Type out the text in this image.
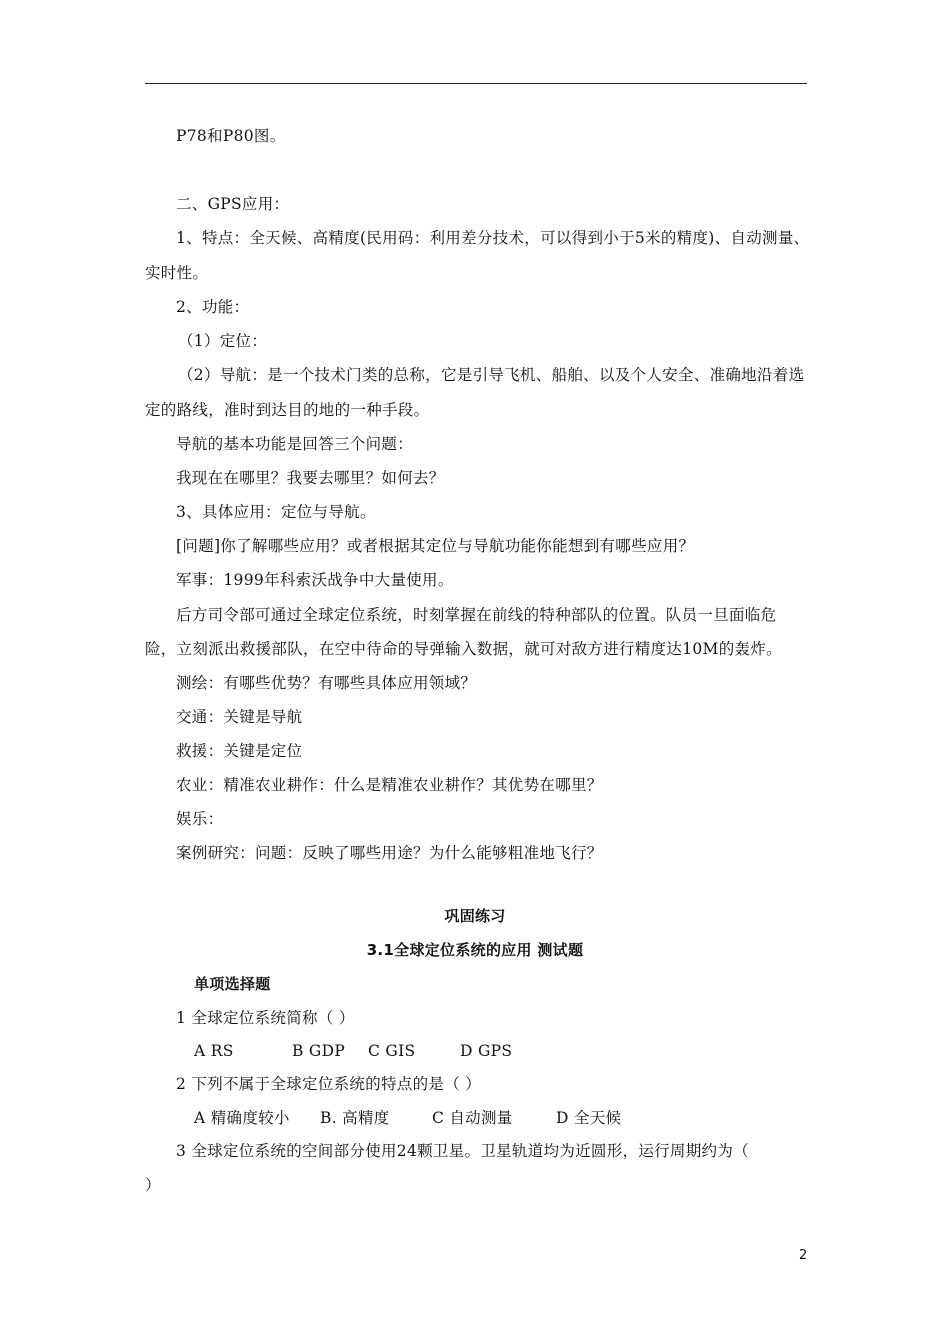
P78和P80图。
二、GPS应用：
1、特点：全天候、高精度(民用码：利用差分技术，可以得到小于5米的精度)、自动测量、
实时性。
2、功能：
（1）定位：
（2）导航：是一个技术门类的总称，它是引导飞机、船舶、以及个人安全、准确地沿着选
定的路线，准时到达目的地的一种手段。
导航的基本功能是回答三个问题：
我现在在哪里？我要去哪里？如何去？
3、具体应用：定位与导航。
[问题]你了解哪些应用？或者根据其定位与导航功能你能想到有哪些应用？
军事：1999年科索沃战争中大量使用。
后方司令部可通过全球定位系统，时刻掌握在前线的特种部队的位置。队员一旦面临危
险，立刻派出救援部队，在空中待命的导弹输入数据，就可对敌方进行精度达10M的轰炸。
测绘：有哪些优势？有哪些具体应用领域？
交通：关键是导航
救援：关键是定位
农业：精准农业耕作：什么是精准农业耕作？其优势在哪里？
娱乐：
案例研究：问题：反映了哪些用途？为什么能够粗准地飞行？
巩固练习
3.1全球定位系统的应用 测试题
单项选择题
1 全球定位系统简称（ ）
A RS	B GDP C GIS	D GPS
2 下列不属于全球定位系统的特点的是（ ）
A 精确度较小 B. 高精度	C 自动测量	D 全天候
3 全球定位系统的空间部分使用24颗卫星。卫星轨道均为近圆形，运行周期约为（
）
2
